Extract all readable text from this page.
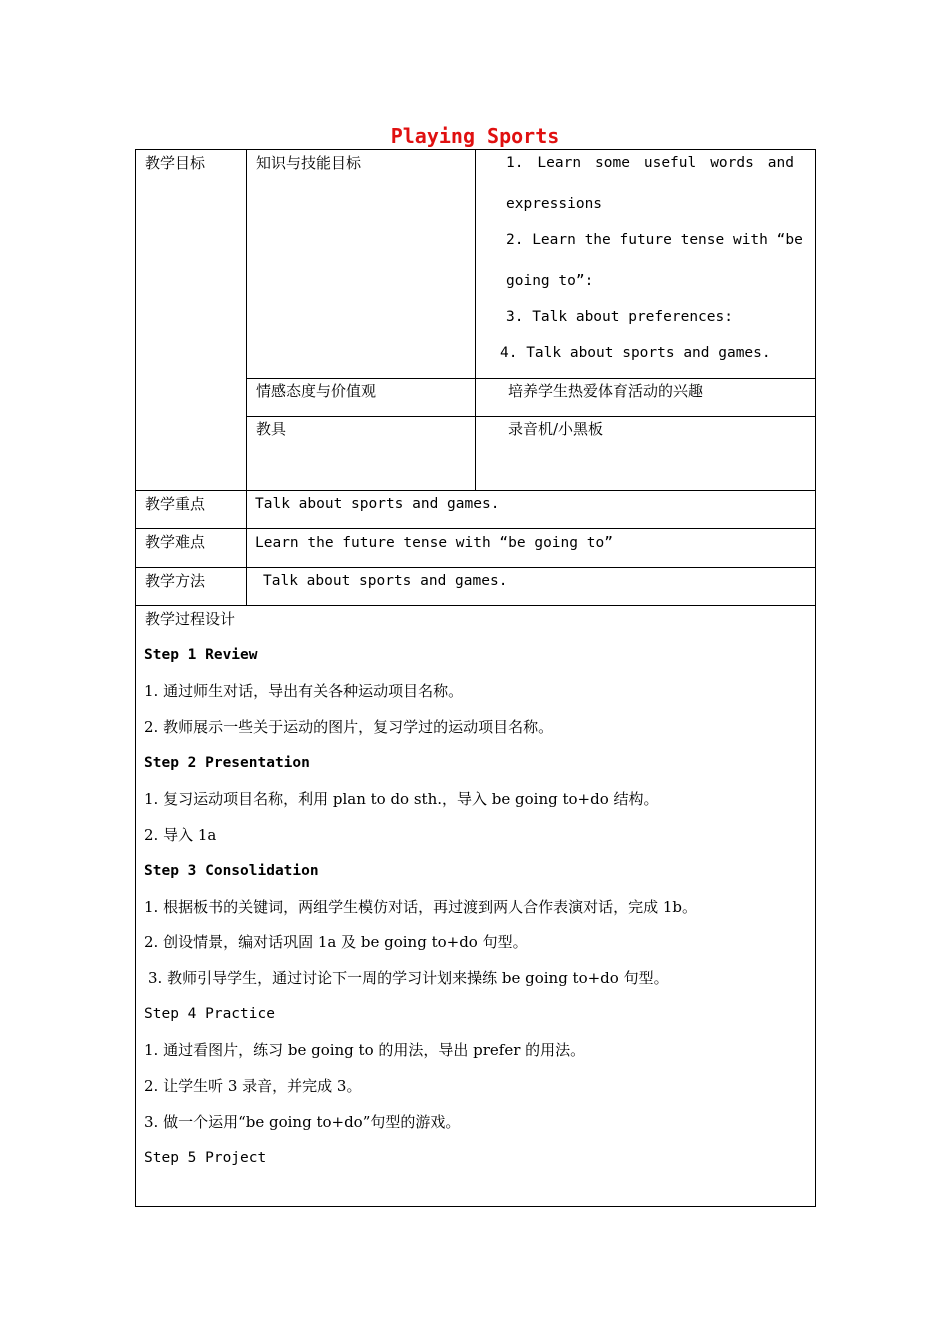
Playing Sports
教学目标	知识与技能目标	1. Learn some useful words and
expressions
2. Learn the future tense with “be
going to”:
3. Talk about preferences:
4. Talk about sports and games.
情感态度与价值观	培养学生热爱体育活动的兴趣
教具	录音机/小黑板
教学重点	Talk about sports and games.
教学难点	Learn the future tense with “be going to”
教学方法	Talk about sports and games.
教学过程设计
Step 1 Review
1. 通过师生对话，导出有关各种运动项目名称。
2. 教师展示一些关于运动的图片，复习学过的运动项目名称。
Step 2 Presentation
1. 复习运动项目名称，利用 plan to do sth.，导入 be going to+do 结构。
2. 导入 1a
Step 3 Consolidation
1. 根据板书的关键词，两组学生模仿对话，再过渡到两人合作表演对话，完成 1b。
2. 创设情景，编对话巩固 1a 及 be going to+do 句型。
3. 教师引导学生，通过讨论下一周的学习计划来操练 be going to+do 句型。
Step 4 Practice
1. 通过看图片，练习 be going to 的用法，导出 prefer 的用法。
2. 让学生听 3 录音，并完成 3。
3. 做一个运用“be going to+do”句型的游戏。
Step 5 Project
